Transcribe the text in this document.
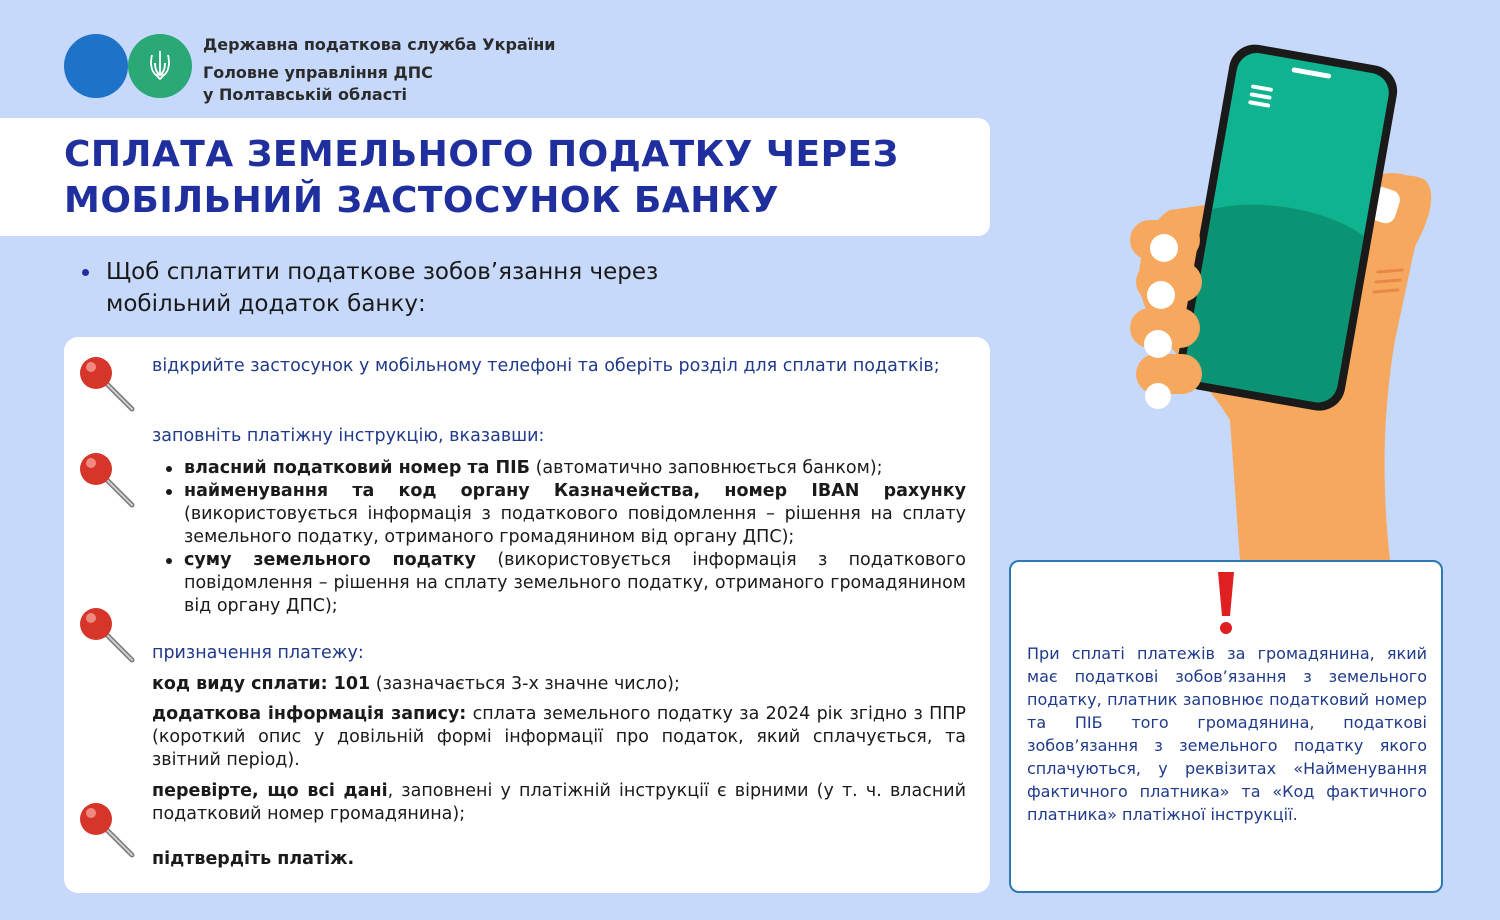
Державна податкова служба України
Головне управління ДПС
у Полтавській області
СПЛАТА ЗЕМЕЛЬНОГО ПОДАТКУ ЧЕРЕЗ
МОБІЛЬНИЙ ЗАСТОСУНОК БАНКУ
Щоб сплатити податкове зобов’язання через
мобільний додаток банку:
відкрийте застосунок у мобільному телефоні та оберіть розділ для сплати податків;
заповніть платіжну інструкцію, вказавши:
власний податковий номер та ПІБ (автоматично заповнюється банком);
найменування та код органу Казначейства, номер IBAN рахунку (використовується інформація з податкового повідомлення – рішення на сплату земельного податку, отриманого громадянином від органу ДПС);
суму земельного податку (використовується інформація з податкового повідомлення – рішення на сплату земельного податку, отриманого громадянином від органу ДПС);
призначення платежу:
код виду сплати: 101 (зазначається 3-х значне число);
додаткова інформація запису: сплата земельного податку за 2024 рік згідно з ППР (короткий опис у довільній формі інформації про податок, який сплачується, та звітний період).
перевірте, що всі дані, заповнені у платіжній інструкції є вірними (у т. ч. власний податковий номер громадянина);
підтвердіть платіж.
При сплаті платежів за громадянина, який має податкові зобов’язання з земельного податку, платник заповнює податковий номер та ПІБ того громадянина, податкові зобов’язання з земельного податку якого сплачуються, у реквізитах «Найменування фактичного платника» та «Код фактичного платника» платіжної інструкції.
